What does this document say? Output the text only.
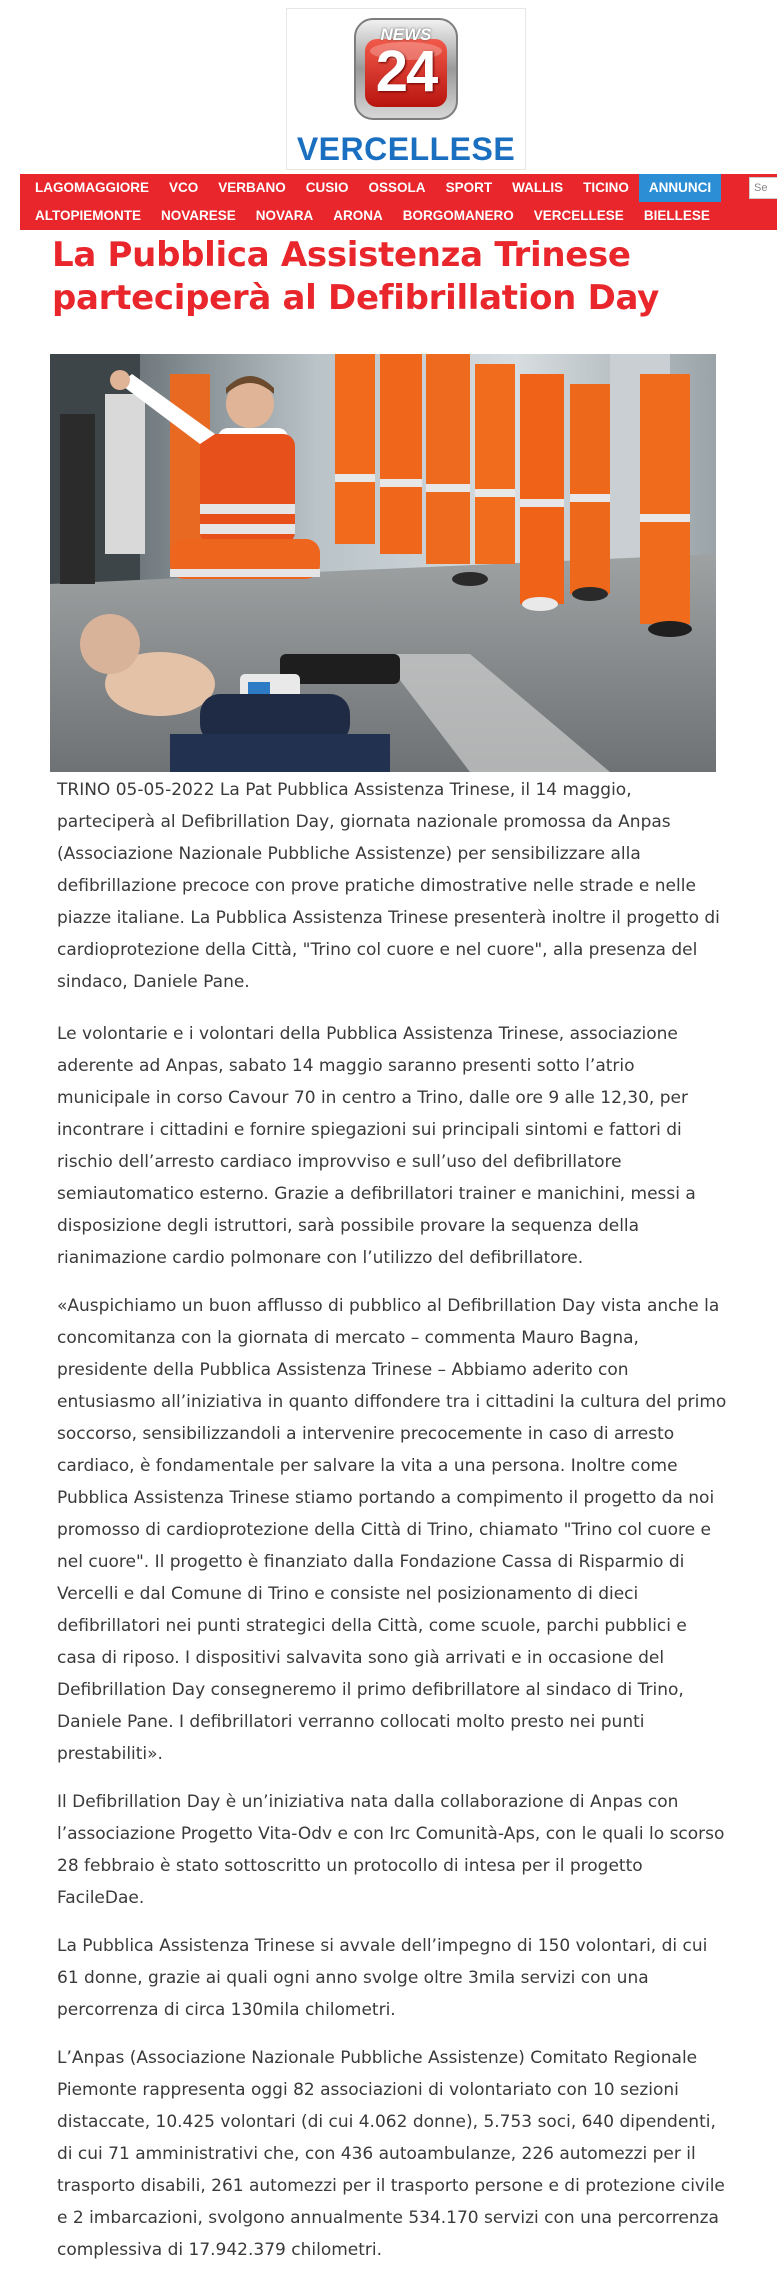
NEWS
24
VERCELLESE
LAGOMAGGIORE	VCO	VERBANO	CUSIO	OSSOLA	SPORT	WALLIS	TICINO	ANNUNCI
Se
ALTOPIEMONTE	NOVARESE	NOVARA	ARONA	BORGOMANERO	VERCELLESE	BIELLESE
La Pubblica Assistenza Trinese parteciperà al Defibrillation Day

TRINO 05-05-2022 La Pat Pubblica Assistenza Trinese, il 14 maggio, parteciperà al Defibrillation Day, giornata nazionale promossa da Anpas (Associazione Nazionale Pubbliche Assistenze) per sensibilizzare alla defibrillazione precoce con prove pratiche dimostrative nelle strade e nelle piazze italiane. La Pubblica Assistenza Trinese presenterà inoltre il progetto di cardioprotezione della Città, "Trino col cuore e nel cuore", alla presenza del sindaco, Daniele Pane.

Le volontarie e i volontari della Pubblica Assistenza Trinese, associazione aderente ad Anpas, sabato 14 maggio saranno presenti sotto l’atrio municipale in corso Cavour 70 in centro a Trino, dalle ore 9 alle 12,30, per incontrare i cittadini e fornire spiegazioni sui principali sintomi e fattori di rischio dell’arresto cardiaco improvviso e sull’uso del defibrillatore semiautomatico esterno. Grazie a defibrillatori trainer e manichini, messi a disposizione degli istruttori, sarà possibile provare la sequenza della rianimazione cardio polmonare con l’utilizzo del defibrillatore.

«Auspichiamo un buon afflusso di pubblico al Defibrillation Day vista anche la concomitanza con la giornata di mercato – commenta Mauro Bagna, presidente della Pubblica Assistenza Trinese – Abbiamo aderito con entusiasmo all’iniziativa in quanto diffondere tra i cittadini la cultura del primo soccorso, sensibilizzandoli a intervenire precocemente in caso di arresto cardiaco, è fondamentale per salvare la vita a una persona. Inoltre come Pubblica Assistenza Trinese stiamo portando a compimento il progetto da noi promosso di cardioprotezione della Città di Trino, chiamato "Trino col cuore e nel cuore". Il progetto è finanziato dalla Fondazione Cassa di Risparmio di Vercelli e dal Comune di Trino e consiste nel posizionamento di dieci defibrillatori nei punti strategici della Città, come scuole, parchi pubblici e casa di riposo. I dispositivi salvavita sono già arrivati e in occasione del Defibrillation Day consegneremo il primo defibrillatore al sindaco di Trino, Daniele Pane. I defibrillatori verranno collocati molto presto nei punti prestabiliti».

Il Defibrillation Day è un’iniziativa nata dalla collaborazione di Anpas con l’associazione Progetto Vita-Odv e con Irc Comunità-Aps, con le quali lo scorso 28 febbraio è stato sottoscritto un protocollo di intesa per il progetto FacileDae.

La Pubblica Assistenza Trinese si avvale dell’impegno di 150 volontari, di cui 61 donne, grazie ai quali ogni anno svolge oltre 3mila servizi con una percorrenza di circa 130mila chilometri.

L’Anpas (Associazione Nazionale Pubbliche Assistenze) Comitato Regionale Piemonte rappresenta oggi 82 associazioni di volontariato con 10 sezioni distaccate, 10.425 volontari (di cui 4.062 donne), 5.753 soci, 640 dipendenti, di cui 71 amministrativi che, con 436 autoambulanze, 226 automezzi per il trasporto disabili, 261 automezzi per il trasporto persone e di protezione civile e 2 imbarcazioni, svolgono annualmente 534.170 servizi con una percorrenza complessiva di 17.942.379 chilometri.
